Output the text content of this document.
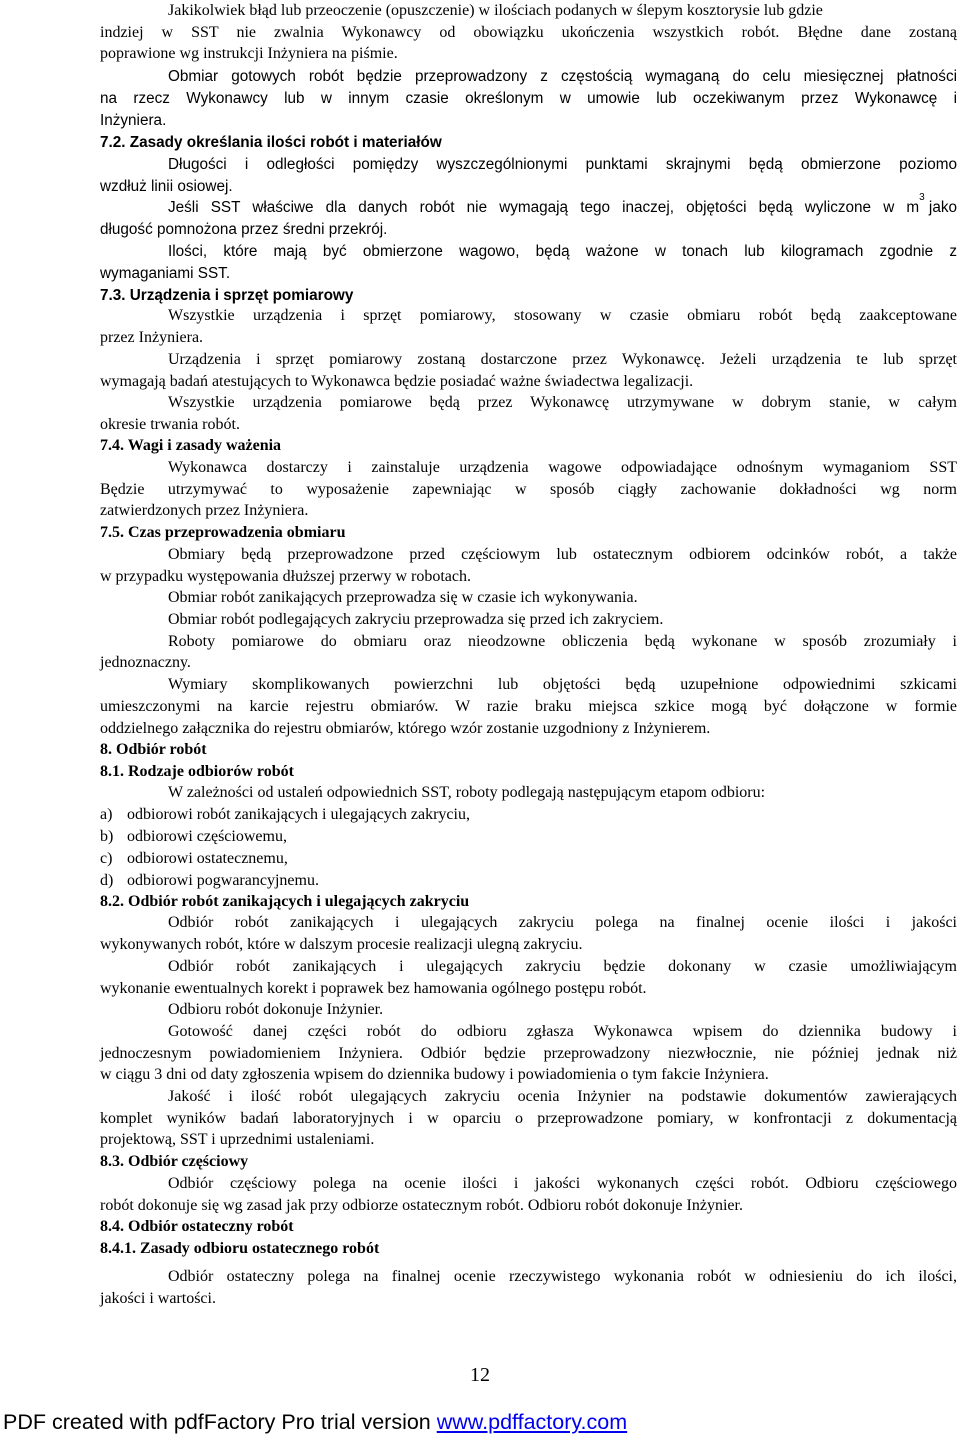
Jakikolwiek błąd lub przeoczenie (opuszczenie) w ilościach podanych w ślepym kosztorysie lub gdzie
indziej w SST nie zwalnia Wykonawcy od obowiązku ukończenia wszystkich robót. Błędne dane zostaną
poprawione wg instrukcji Inżyniera na piśmie.
Obmiar gotowych robót będzie przeprowadzony z częstością wymaganą do celu miesięcznej płatności
na rzecz Wykonawcy lub w innym czasie określonym w umowie lub oczekiwanym przez Wykonawcę i
Inżyniera.
7.2. Zasady określania ilości robót i materiałów
Długości i odległości pomiędzy wyszczególnionymi punktami skrajnymi będą obmierzone poziomo
wzdłuż linii osiowej.
Jeśli SST właściwe dla danych robót nie wymagają tego inaczej, objętości będą wyliczone w m
3
jako
długość pomnożona przez średni przekrój.
Ilości, które mają być obmierzone wagowo, będą ważone w tonach lub kilogramach zgodnie z
wymaganiami SST.
7.3. Urządzenia i sprzęt pomiarowy
Wszystkie urządzenia i sprzęt pomiarowy, stosowany w czasie obmiaru robót będą zaakceptowane
przez Inżyniera.
Urządzenia i sprzęt pomiarowy zostaną dostarczone przez Wykonawcę. Jeżeli urządzenia te lub sprzęt
wymagają badań atestujących to Wykonawca będzie posiadać ważne świadectwa legalizacji.
Wszystkie urządzenia pomiarowe będą przez Wykonawcę utrzymywane w dobrym stanie, w całym
okresie trwania robót.
7.4. Wagi i zasady ważenia
Wykonawca dostarczy i zainstaluje urządzenia wagowe odpowiadające odnośnym wymaganiom SST
Będzie utrzymywać to wyposażenie zapewniając w sposób ciągły zachowanie dokładności wg norm
zatwierdzonych przez Inżyniera.
7.5. Czas przeprowadzenia obmiaru
Obmiary będą przeprowadzone przed częściowym lub ostatecznym odbiorem odcinków robót, a także
w przypadku występowania dłuższej przerwy w robotach.
Obmiar robót zanikających przeprowadza się w czasie ich wykonywania.
Obmiar robót podlegających zakryciu przeprowadza się przed ich zakryciem.
Roboty pomiarowe do obmiaru oraz nieodzowne obliczenia będą wykonane w sposób zrozumiały i
jednoznaczny.
Wymiary skomplikowanych powierzchni lub objętości będą uzupełnione odpowiednimi szkicami
umieszczonymi na karcie rejestru obmiarów. W razie braku miejsca szkice mogą być dołączone w formie
oddzielnego załącznika do rejestru obmiarów, którego wzór zostanie uzgodniony z Inżynierem.
8. Odbiór robót
8.1. Rodzaje odbiorów robót
W zależności od ustaleń odpowiednich SST, roboty podlegają następującym etapom odbioru:
a) odbiorowi robót zanikających i ulegających zakryciu,
b) odbiorowi częściowemu,
c) odbiorowi ostatecznemu,
d) odbiorowi pogwarancyjnemu.
8.2. Odbiór robót zanikających i ulegających zakryciu
Odbiór robót zanikających i ulegających zakryciu polega na finalnej ocenie ilości i jakości
wykonywanych robót, które w dalszym procesie realizacji ulegną zakryciu.
Odbiór robót zanikających i ulegających zakryciu będzie dokonany w czasie umożliwiającym
wykonanie ewentualnych korekt i poprawek bez hamowania ogólnego postępu robót.
Odbioru robót dokonuje Inżynier.
Gotowość danej części robót do odbioru zgłasza Wykonawca wpisem do dziennika budowy i
jednoczesnym powiadomieniem Inżyniera. Odbiór będzie przeprowadzony niezwłocznie, nie później jednak niż
w ciągu 3 dni od daty zgłoszenia wpisem do dziennika budowy i powiadomienia o tym fakcie Inżyniera.
Jakość i ilość robót ulegających zakryciu ocenia Inżynier na podstawie dokumentów zawierających
komplet wyników badań laboratoryjnych i w oparciu o przeprowadzone pomiary, w konfrontacji z dokumentacją
projektową, SST i uprzednimi ustaleniami.
8.3. Odbiór częściowy
Odbiór częściowy polega na ocenie ilości i jakości wykonanych części robót. Odbioru częściowego
robót dokonuje się wg zasad jak przy odbiorze ostatecznym robót. Odbioru robót dokonuje Inżynier.
8.4. Odbiór ostateczny robót
8.4.1. Zasady odbioru ostatecznego robót
Odbiór ostateczny polega na finalnej ocenie rzeczywistego wykonania robót w odniesieniu do ich ilości,
jakości i wartości.
12
PDF created with pdfFactory Pro trial version www.pdffactory.com
